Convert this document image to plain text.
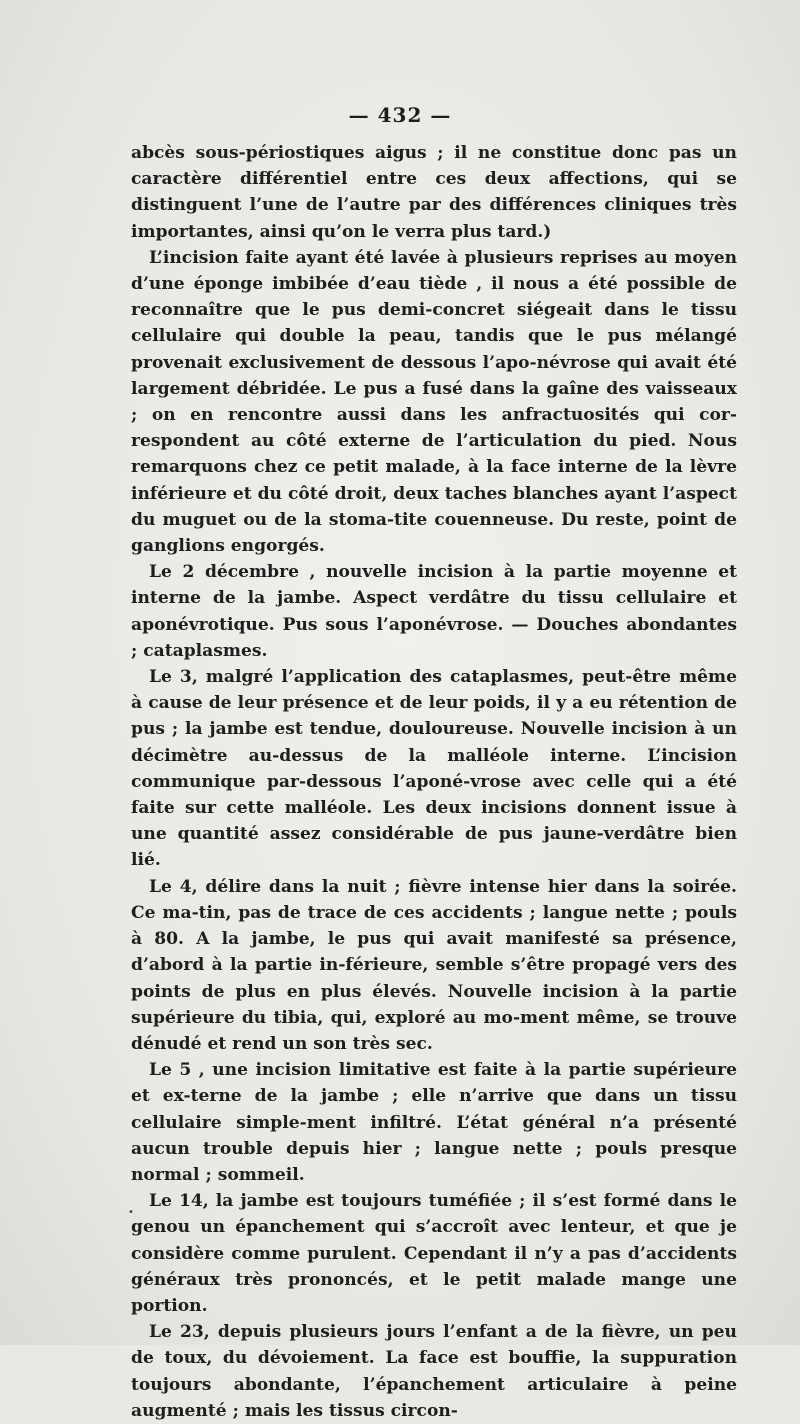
— 432 —

abcès sous-périostiques aigus ; il ne constitue donc pas un caractère différentiel entre ces deux affections, qui se distinguent l’une de l’autre par des différences cliniques très importantes, ainsi qu’on le verra plus tard.)

L’incision faite ayant été lavée à plusieurs reprises au moyen d’une éponge imbibée d’eau tiède , il nous a été possible de reconnaître que le pus demi-concret siégeait dans le tissu cellulaire qui double la peau, tandis que le pus mélangé provenait exclusivement de dessous l’apo-névrose qui avait été largement débridée. Le pus a fusé dans la gaîne des vaisseaux ; on en rencontre aussi dans les anfractuosités qui cor-respondent au côté externe de l’articulation du pied. Nous remarquons chez ce petit malade, à la face interne de la lèvre inférieure et du côté droit, deux taches blanches ayant l’aspect du muguet ou de la stoma-tite couenneuse. Du reste, point de ganglions engorgés.

Le 2 décembre , nouvelle incision à la partie moyenne et interne de la jambe. Aspect verdâtre du tissu cellulaire et aponévrotique. Pus sous l’aponévrose. — Douches abondantes ; cataplasmes.

Le 3, malgré l’application des cataplasmes, peut-être même à cause de leur présence et de leur poids, il y a eu rétention de pus ; la jambe est tendue, douloureuse. Nouvelle incision à un décimètre au-dessus de la malléole interne. L’incision communique par-dessous l’aponé-vrose avec celle qui a été faite sur cette malléole. Les deux incisions donnent issue à une quantité assez considérable de pus jaune-verdâtre bien lié.

Le 4, délire dans la nuit ; fièvre intense hier dans la soirée. Ce ma-tin, pas de trace de ces accidents ; langue nette ; pouls à 80. A la jambe, le pus qui avait manifesté sa présence, d’abord à la partie in-férieure, semble s’être propagé vers des points de plus en plus élevés. Nouvelle incision à la partie supérieure du tibia, qui, exploré au mo-ment même, se trouve dénudé et rend un son très sec.

Le 5 , une incision limitative est faite à la partie supérieure et ex-terne de la jambe ; elle n’arrive que dans un tissu cellulaire simple-ment infiltré. L’état général n’a présenté aucun trouble depuis hier ; langue nette ; pouls presque normal ; sommeil.

Le 14, la jambe est toujours tuméfiée ; il s’est formé dans le genou un épanchement qui s’accroît avec lenteur, et que je considère comme purulent. Cependant il n’y a pas d’accidents généraux très prononcés, et le petit malade mange une portion.

Le 23, depuis plusieurs jours l’enfant a de la fièvre, un peu de toux, du dévoiement. La face est bouffie, la suppuration toujours abondante, l’épanchement articulaire à peine augmenté ; mais les tissus circon-

•
